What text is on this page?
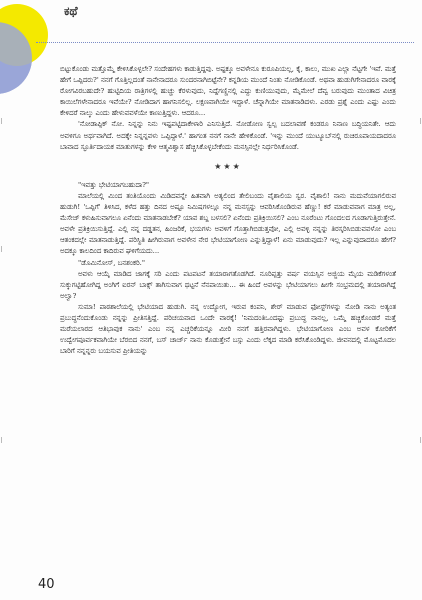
ಕಥೆ

ಬಿಟ್ಟುಕೊಂಡು ಮತ್ತೊಮ್ಮೆ ಕೇಳಿಸಿಕೊಳ್ಳಲೇ? ಸಂದೇಹಗಳು ಕಾಡುತ್ತಿದ್ದವು. ಅಷ್ಟಕ್ಕೂ ಅವಳೇನೂ ಕುರೂಪಿಯಲ್ಲ, ಕೈ, ಕಾಲು, ಮುಖ ಎಲ್ಲಾ ನೆಟ್ಟಗೇ 'ಇವೆ. ಮತ್ತೆ ಹೇಗೆ ಒಪ್ಪಿದರು?' ನನಗೆ ಗೊತ್ತಿಲ್ಲದಂತೆ ನಾನೇನಾದರೂ ಸುಂದರನಾಗಿಬಿಟ್ಟೆನೇ? ಕನ್ನಡಿಯ ಮುಂದೆ ನಿಂತು ನೋಡಿಕೊಂಡೆ. ಅಥವಾ ಹುಡುಗಿಗೇನಾದರೂ ವಾರಕ್ಕೆ ರೋಗವಿರಬಹುದೇ? ಹುಟ್ಟಿದಿಯ ರಾತ್ರಿಗಳಲ್ಲಿ ಹುಚ್ಚು ಕೆರಳುವುದು, ನಿದ್ದೆಗಣ್ಣಿನಲ್ಲಿ ಎದ್ದು ಕುಣಿಯುವುದು, ಮೈಮೇಲೆ ದೆವ್ವ ಬರುವುದು ಮುಂತಾದ ವಿಚಿತ್ರ ಕಾಯಿಲೆಗಳೇನಾದರೂ ಇವೆಯೇ? ನೋಡಿದಾಗ ಹಾಗನಿಸಲಿಲ್ಲ. ಲಕ್ಷಣವಾಗಿಯೇ ಇದ್ದಾಳೆ. ಚೆನ್ನಾಗಿಯೇ ಮಾತನಾಡಿದಳು. ಎರಡು ಪ್ರಶ್ನೆ ಎಂದು ಎಷ್ಟು ಎಂದು ಕೇಳಿದರೆ ನಾಲ್ಕು ಎಂದು ಹೇಳುವವಳೆಯೇ ಕಾಣುತ್ತಿದ್ದಳು. ಆದರೂ...

'ನೋಡಾಪ್ಪಿಕ್ ನೋ. ನಿನ್ನನ್ನು ನಿನು ಇಷ್ಟಪಟ್ಟಿದಾಕೇಳಾರಿ ಎನಿಸುತ್ತಿದೆ. ನೋಡೋಣ ಸ್ವಲ್ಪ ಬದಲಾವಣೆ ಕಂಡರೂ ನಿನಾಣ ಬದ್ಧಿಯನಿತೇ. ಆದು ಅವಳಿಗೂ ಅರ್ಥವಾಗಿದೆ. ಅದಕ್ಕೇ ನಿನ್ನನ್ನವಳು ಒಪ್ಪಿದ್ದಾಳೆ.' ಹಾಗಂತ ನನಗೆ ನಾನೇ ಹೇಳಿಕೊಂಡೆ. 'ಇನ್ನು ಮುಂದೆ ಯುಟ್ಯೂಬ್‌ನಲ್ಲಿ ರುಚಿರೂಪಾಯದಾದರೂ ಬಾವಾದ ಸ್ಫೂರ್ತಿದಾಯಕ ಮಾತುಗಳನ್ನು ಕೇಳಿ ಆತ್ಮವಿಶ್ವಾಸ ಹೆಚ್ಚಿಸಿಕೊಳ್ಳಬೇಕೆಂದು ಮನಸ್ಸಿನಲ್ಲೇ ನಿರ್ಧರಿಸಿಕೊಂಡೆ.

★★★

"ಇವತ್ತು ಭೇಟಿಯಾಗಬಹುದಾ?"

ಮಾಲೆಯಲ್ಲಿ ಮಿಂದ ತಂತಿಯೊಂದು ಮಿಡಿದವನ್ನೇ ಹಿತವಾಗಿ ಅತ್ಯಲಿಂದ ತೇಲಿಬಂದು ವೈಶಾಲಿಯ ಸ್ವರ. ವೈಶಾಲಿ! ನಾನು ಮದುವೆಯಾಗಲಿರುವ ಹುಡುಗಿ! 'ಒಪ್ಪಿಗೆ' ತಿಳಿಸಿದ, ಕಳೆದ ಹತ್ತು ದಿನದ ಅಷ್ಟೂ ನಿಮಿಷಗಳಲ್ಲೂ ನನ್ನ ಮನಸ್ಸನ್ನು ಆವರಿಸಿಕೊಂಡಿರುವ ಹೆಣ್ಣು! ಕರೆ ಮಾಡುವವಾಗ ಮಾತ್ರ ಅಲ್ಲ, ಮೆಸೇಜ್ ಕಳುಹಿಸುವಾಗಲೂ ಏನೆಂದು ಮಾತನಾಡಬೇಕೆ? ಯಾವ ಶಬ್ದ ಬಳಸಲಿ? ಏನೆಂದು ಪ್ರತಿಕ್ರಿಯಿಸಲಿ? ಎಂಬ ನೂರೆಂಟು ಗೊಂದಲದ ಗೂಡಾಗುತ್ತಿರುತ್ತೇನೆ. ಅವಳೇ ಪ್ರತಿಕ್ರಿಯಿಸುತ್ತಿದ್ದೆ. ಎಲ್ಲಿ ನನ್ನ ದಡ್ಡತನ, ಹಿಂಜರಿಕೆ, ಭಯಗಳು ಅವಳಿಗೆ ಗೊತ್ತಾಗಿಬಿಡುತ್ತವೋ, ಎಲ್ಲಿ ಅವಳ್ಳಿ ನನ್ನನ್ನು ತಿರಸ್ಕರಿಸಿಬಿಡುವವಳೋ ಎಂಬ ಆತಂಕದಲ್ಲೇ ಮಾತನಾಡುತ್ತಿದ್ದೆ. ಪರಿಸ್ಥಿತಿ ಹೀಗಿರುವಾಗ ಅವಳೇನ ನೇರ ಭೇಟಿಯಾಗೋಣ ಎನ್ನುತ್ತಿದ್ದಾಳೆ! ಏನು ಮಾಡುವುದು? ಇಲ್ಲ ಎನ್ನುವುದಾದರೂ ಹೇಗೆ? ಅದಕ್ಕೂ ಕಾಲದಿಂದ ಕಾದಿರುವ ಘಳಿಗೆಯದು...

"ಡೊಮಿನೋಸ್, ಬನಶಂಕರಿ."

ಅವಳು ಆಯ್ಕೆ ಮಾಡಿದ ಜಾಗಕ್ಕೆ ಸರಿ ಎಂದು ಪಟಪಟನೆ ತಯಾರಾಗತೊಡಗಿದೆ. ನೂರಿಪ್ಪತ್ತು ವರ್ಷ ವಯಸ್ಸಿನ ಅಜ್ಜಿಯ ಮೈಯ ಮಡಿಕೆಗಳಂತೆ ಸುಕ್ಕುಗಟ್ಟಿಹೋಗಿದ್ದ ಅಂಗಿಗೆ ಐರನ್ ಬಾಕ್ಸ್ ತಾಗಿಸುವಾಗ ಥಟ್ಟನೆ ನೆನಪಾಯಿತು... ಈ ಹಿಂದೆ ಅವಳನ್ನು ಭೇಟಿಯಾಗಲು ಹೀಗೇ ಸಂಭ್ರಮದಲ್ಲಿ ತಯಾರಾಗಿದ್ದೆ ಅಲ್ವಾ?

ಸುಮಾ! ಪಾಠಶಾಲೆಯಲ್ಲಿ ಭೇಟಿಯಾದ ಹುಡುಗಿ. ನನ್ನ ಉದ್ಯೋಗ, ಇರುವ ಕಂಪನಿ, ಶೇರ್ ಮಾಡುವ ಫೋಸ್ಟ್‌ಗಳನ್ನು ನೋಡಿ ನಾನು ಅತ್ಯಂತ ಪ್ರಬುದ್ಧನೆಂದುಕೊಂಡು ನನ್ನನ್ನು ಪ್ರೀತಿಸತ್ತಿದ್ದೆ. ಪರಿಚಯವಾದ ಒಂದೇ ವಾರಕ್ಕೆ! 'ನಿಮದಂತಿಒಂದಷ್ಟು ಪ್ರಬುದ್ಧ ನಾನಲ್ಲ, ಒಮ್ಮೆ ಹಚ್ಚಿಕೊಂಡರೆ ಮತ್ತೆ ಮರೆಯಲಾರದ ಆತಿಭಾವುಕ ನಾನು' ಎಂಬ ನನ್ನ ಎಚ್ಚರಿಕೆಯನ್ನೂ ಮೀರಿ ನನಗೆ ಹತ್ತಿರವಾಗಿದ್ದಳು. ಭೇಟಿಯಾಗೋಣ ಎಂಬ ಅವಳ ಕೋರಿಕೆಗೆ ಉದ್ವೇಗಪೂರ್ವಕವಾಗಿಯೇ ಬೆರಬಿದ ನನಗೆ, ಬಸ್ ಚಾರ್ಜ್ ನಾನು ಕೊಡುತ್ತೇನೆ ಬಸ್ಸು ಎಂದು ಲೆಕ್ಕದ ಮಾಡಿ ಕರೆಸಿಕೊಂಡಿದ್ದಳು. ಜೀವನದಲ್ಲಿ ಮೊಟ್ಟಮೊದಲ ಬಾರಿಗೆ ನನ್ನನ್ನರು ಬಯಸುವ ಪ್ರೀತಿಯನ್ನು

40
